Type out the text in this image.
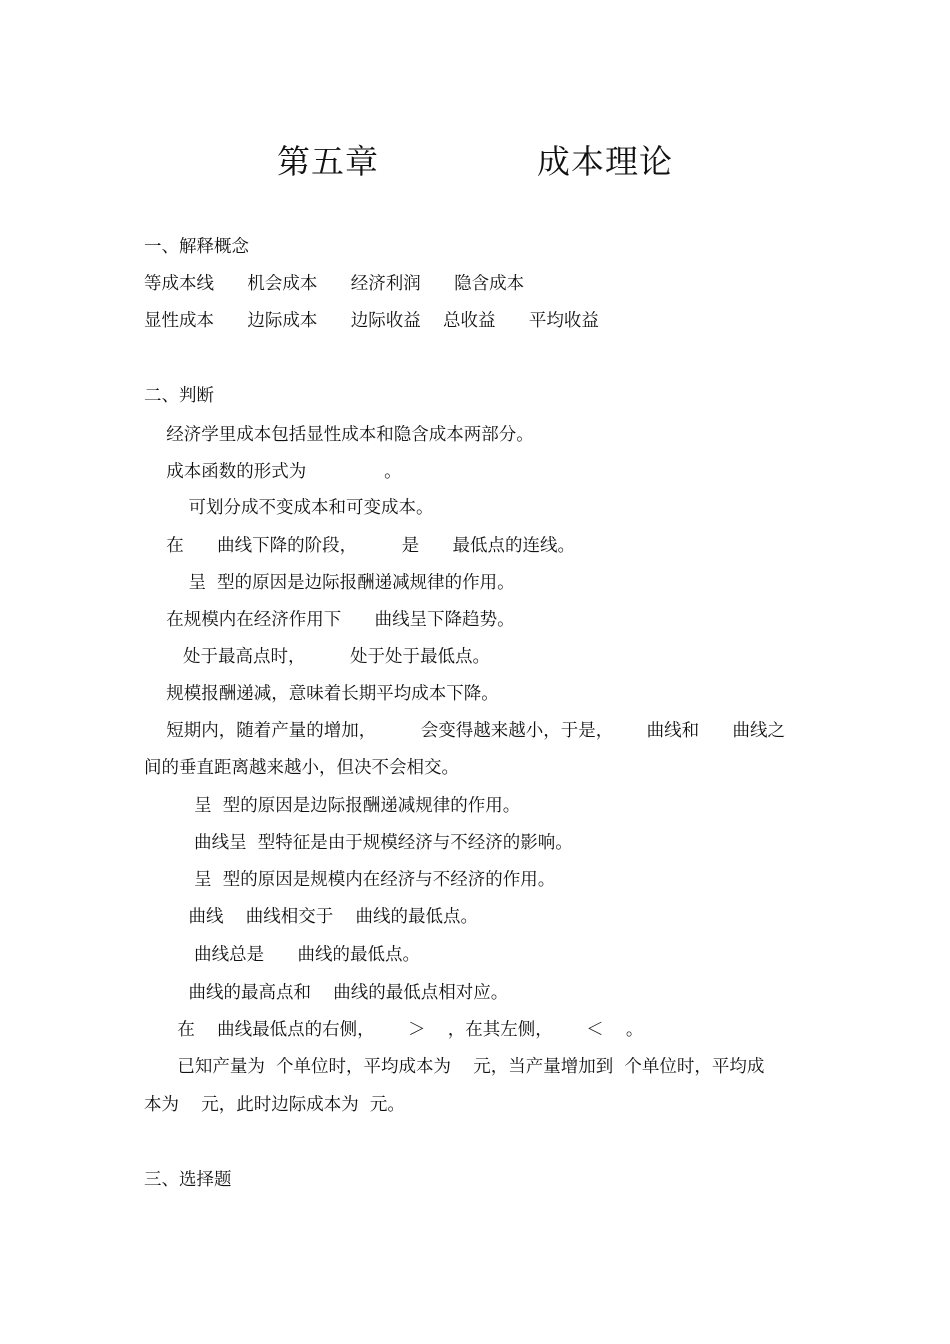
第五章    成本理论
一、解释概念
等成本线      机会成本      经济利润      隐含成本
显性成本      边际成本      边际收益    总收益      平均收益
二、判断
经济学里成本包括显性成本和隐含成本两部分。
成本函数的形式为              。
可划分成不变成本和可变成本。
在      曲线下降的阶段，        是      最低点的连线。
呈  型的原因是边际报酬递减规律的作用。
在规模内在经济作用下      曲线呈下降趋势。
处于最高点时，        处于处于最低点。
规模报酬递减，意味着长期平均成本下降。
短期内，随着产量的增加，        会变得越来越小，于是，      曲线和      曲线之
间的垂直距离越来越小，但决不会相交。
呈  型的原因是边际报酬递减规律的作用。
曲线呈  型特征是由于规模经济与不经济的影响。
呈  型的原因是规模内在经济与不经济的作用。
曲线    曲线相交于    曲线的最低点。
曲线总是      曲线的最低点。
曲线的最高点和    曲线的最低点相对应。
在    曲线最低点的右侧，      ＞    ，在其左侧，      ＜    。
已知产量为  个单位时，平均成本为    元，当产量增加到  个单位时，平均成
本为    元，此时边际成本为  元。
三、选择题
